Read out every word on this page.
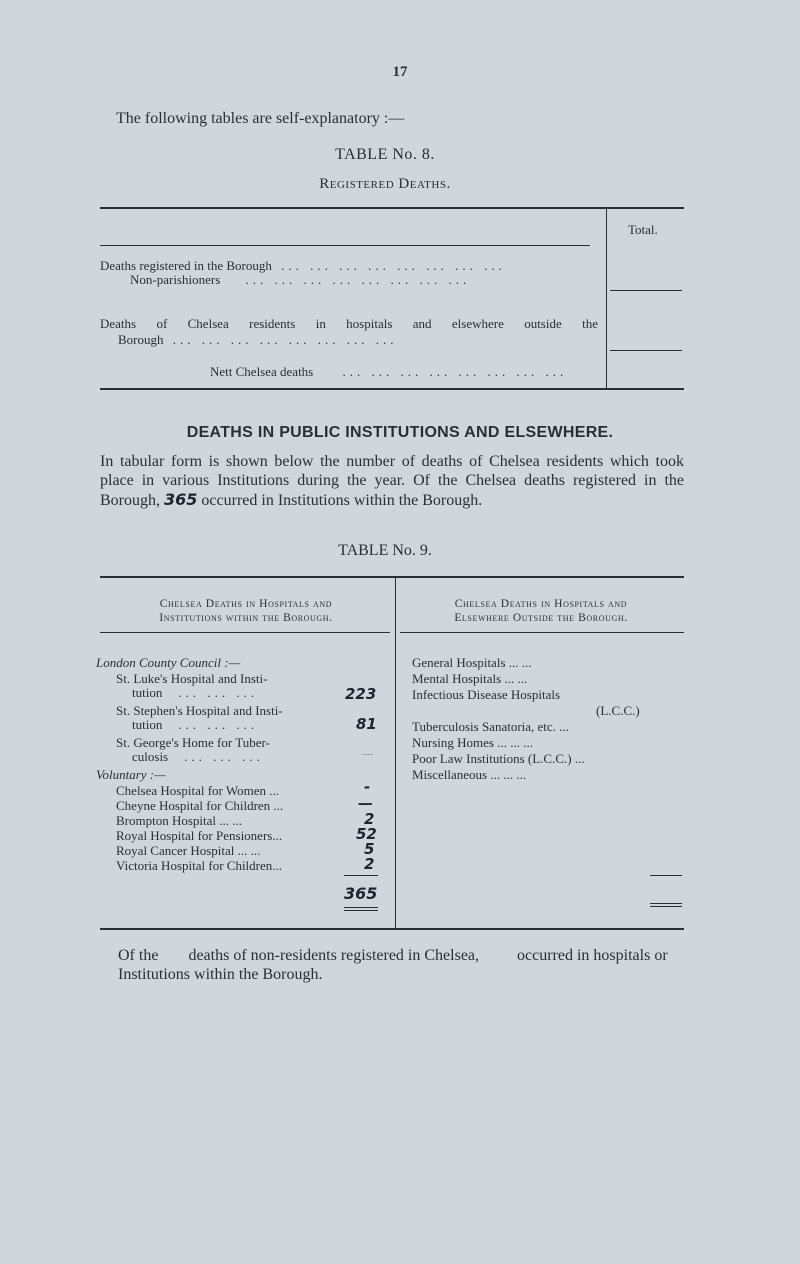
17
The following tables are self-explanatory :—
TABLE No. 8.
Registered Deaths.
Total.
Deaths registered in the Borough ... ... ... ... ... ... ... ...
Non-parishioners ... ... ... ... ... ... ... ...
Deaths of Chelsea residents in hospitals and elsewhere outside the
Borough ... ... ... ... ... ... ... ...
Nett Chelsea deaths ... ... ... ... ... ... ... ...
DEATHS IN PUBLIC INSTITUTIONS AND ELSEWHERE.
In tabular form is shown below the number of deaths of Chelsea residents which took place in various Institutions during the year. Of the Chelsea deaths registered in the Borough, 365 occurred in Institutions within the Borough.
TABLE No. 9.
Chelsea Deaths in Hospitals and
Institutions within the Borough.
Chelsea Deaths in Hospitals and
Elsewhere Outside the Borough.
London County Council :—
St. Luke's Hospital and Insti-
tution ... ... ...	223
St. Stephen's Hospital and Insti-
tution ... ... ...	81
St. George's Home for Tuber-
culosis ... ... ...	—
Voluntary :—
Chelsea Hospital for Women ...	-
Cheyne Hospital for Children ...	—
Brompton Hospital ... ...	2
Royal Hospital for Pensioners...	52
Royal Cancer Hospital ... ...	5
Victoria Hospital for Children...	2
365
General Hospitals ... ...
Mental Hospitals ... ...
Infectious Disease Hospitals
(L.C.C.)
Tuberculosis Sanatoria, etc. ...
Nursing Homes ... ... ...
Poor Law Institutions (L.C.C.) ...
Miscellaneous ... ... ...
Of the deaths of non-residents registered in Chelsea, occurred in hospitals or Institutions within the Borough.
